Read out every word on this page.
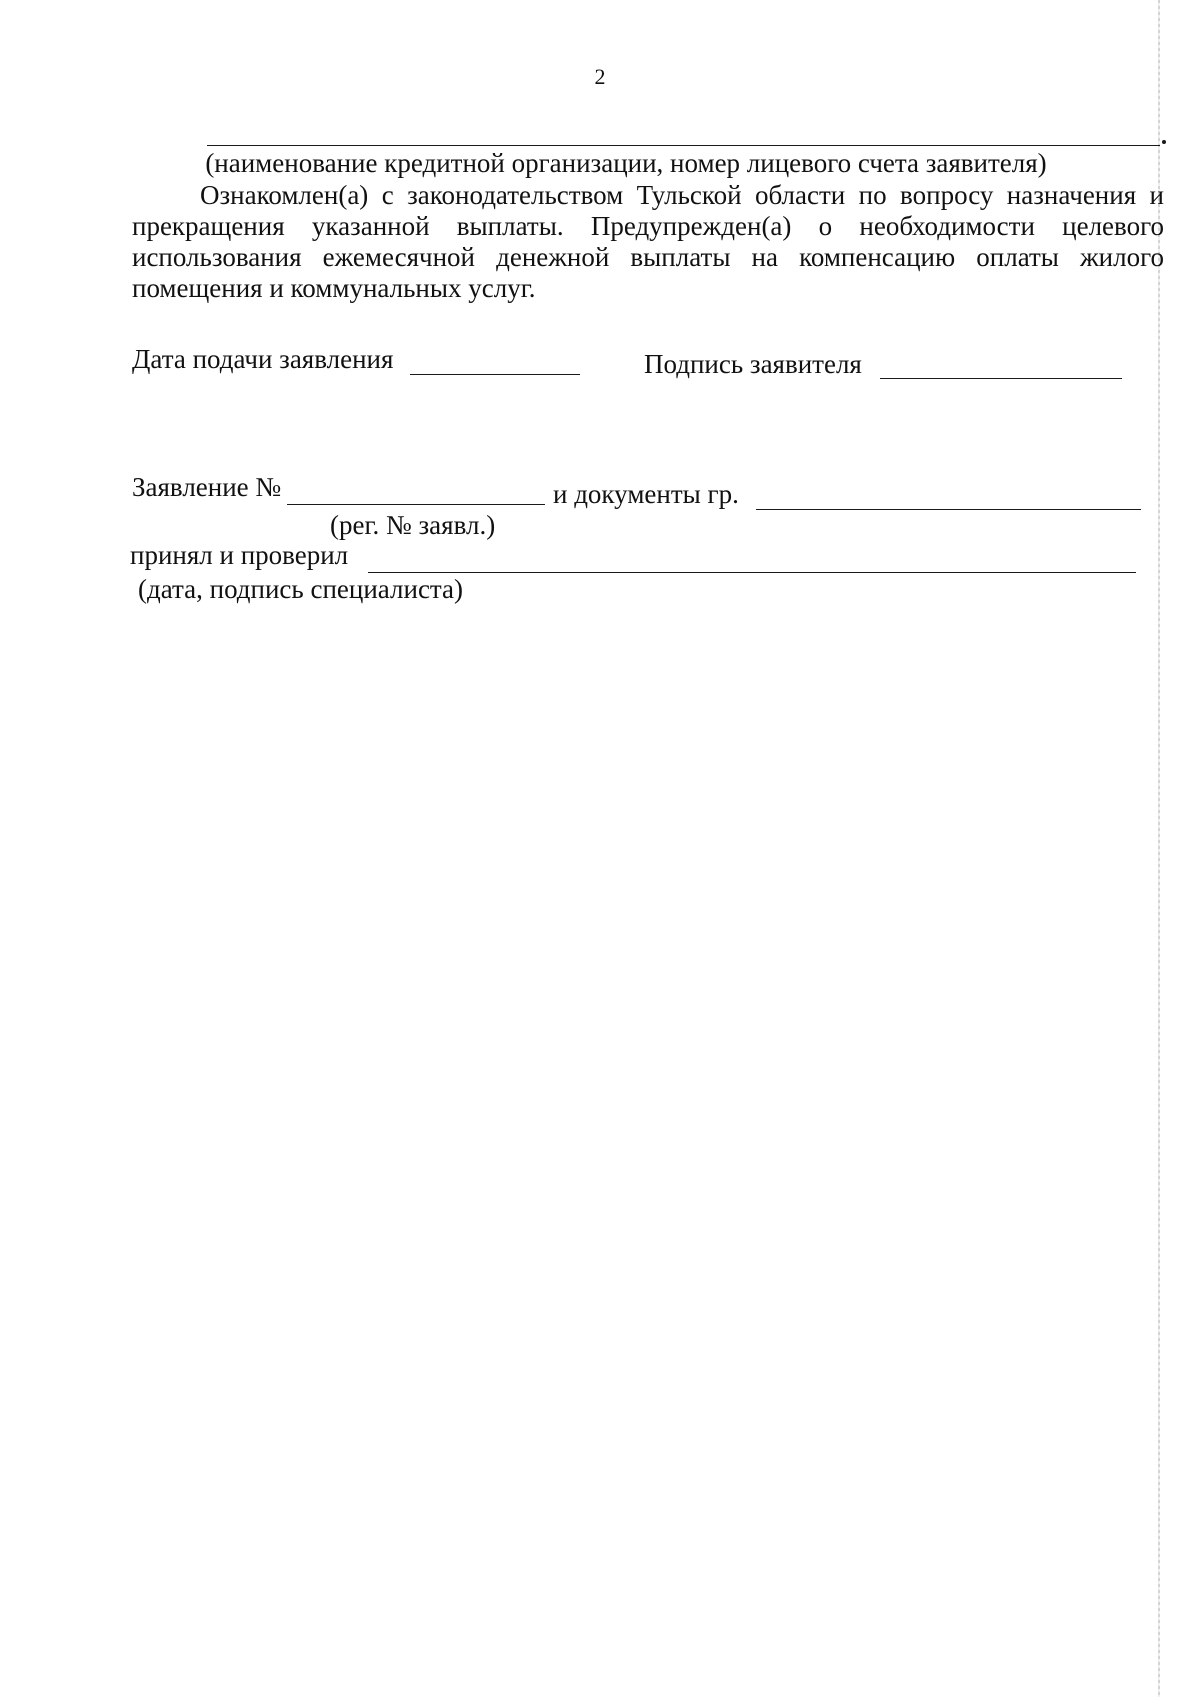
2
(наименование кредитной организации, номер лицевого счета заявителя)
Ознакомлен(а) с законодательством Тульской области по вопросу назначения и
прекращения указанной выплаты. Предупрежден(а) о необходимости целевого
использования ежемесячной денежной выплаты на компенсацию оплаты жилого
помещения и коммунальных услуг.
Дата подачи заявления	Подпись заявителя
Заявление №	и документы гр.
(рег. № заявл.)
принял и проверил
(дата, подпись специалиста)
